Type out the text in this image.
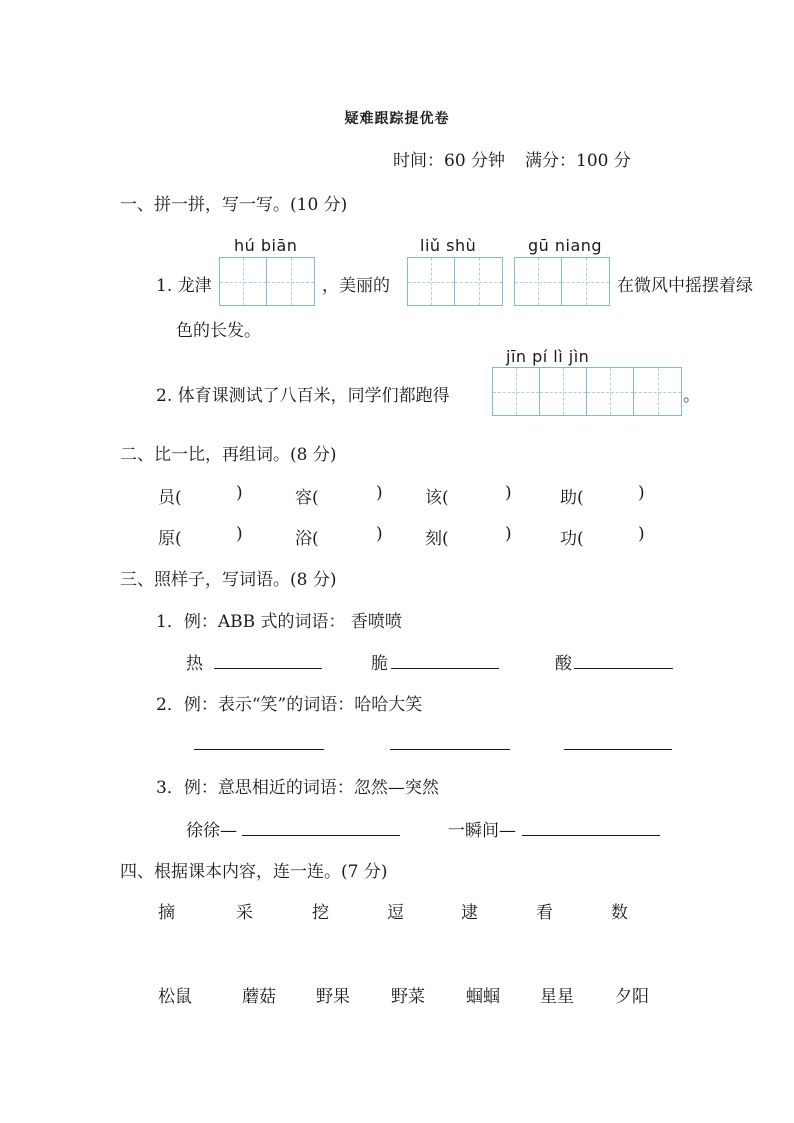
疑难跟踪提优卷
时间：60 分钟 满分：100 分
一、拼一拼，写一写。(10 分)
hú biān	liǔ shù	gū niang
1. 龙津	，美丽的	在微风中摇摆着绿
色的长发。
jīn pí lì jìn
2. 体育课测试了八百米，同学们都跑得	。
二、比一比，再组词。(8 分)
员(	)	容(	) 该(	)	助(	)
原(	)	浴(	) 刻(	)	功(	)
三、照样子，写词语。(8 分)
1．例：ABB 式的词语： 香喷喷
热	脆	酸
2．例：表示“笑”的词语：哈哈大笑
3．例：意思相近的词语：忽然—突然
徐徐—	一瞬间—
四、根据课本内容，连一连。(7 分)
摘	采	挖	逗	逮	看	数
松鼠	蘑菇 野果 野菜 蝈蝈 星星 夕阳
